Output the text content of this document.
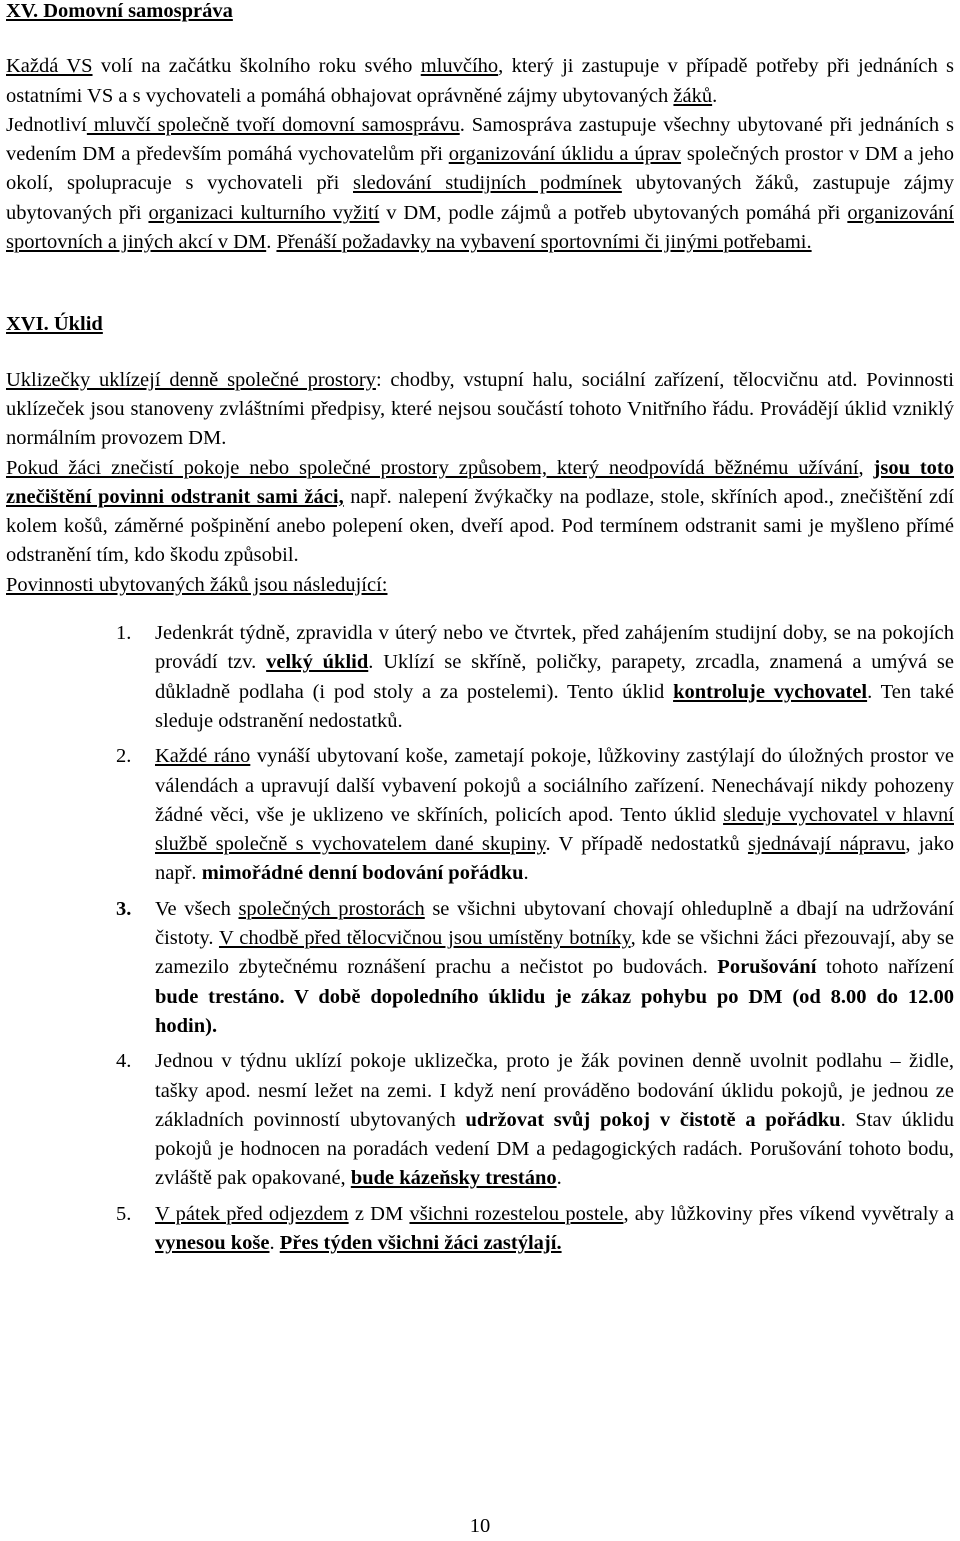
XV. Domovní samospráva

Každá VS volí na začátku školního roku svého mluvčího, který ji zastupuje v případě potřeby při jednáních s ostatními VS a s vychovateli a pomáhá obhajovat oprávněné zájmy ubytovaných žáků.

Jednotliví mluvčí společně tvoří domovní samosprávu. Samospráva zastupuje všechny ubytované při jednáních s vedením DM a především pomáhá vychovatelům při organizování úklidu a úprav společných prostor v DM a jeho okolí, spolupracuje s vychovateli při sledování studijních podmínek ubytovaných žáků, zastupuje zájmy ubytovaných při organizaci kulturního vyžití v DM, podle zájmů a potřeb ubytovaných pomáhá při organizování sportovních a jiných akcí v DM. Přenáší požadavky na vybavení sportovními či jinými potřebami.

XVI. Úklid

Uklizečky uklízejí denně společné prostory: chodby, vstupní halu, sociální zařízení, tělocvičnu atd. Povinnosti uklízeček jsou stanoveny zvláštními předpisy, které nejsou součástí tohoto Vnitřního řádu. Provádějí úklid vzniklý normálním provozem DM.

Pokud žáci znečistí pokoje nebo společné prostory způsobem, který neodpovídá běžnému užívání, jsou toto znečištění povinni odstranit sami žáci, např. nalepení žvýkačky na podlaze, stole, skříních apod., znečištění zdí kolem košů, záměrné pošpinění anebo polepení oken, dveří apod. Pod termínem odstranit sami je myšleno přímé odstranění tím, kdo škodu způsobil.

Povinnosti ubytovaných žáků jsou následující:

1. Jedenkrát týdně, zpravidla v úterý nebo ve čtvrtek, před zahájením studijní doby, se na pokojích provádí tzv. velký úklid. Uklízí se skříně, poličky, parapety, zrcadla, znamená a umývá se důkladně podlaha (i pod stoly a za postelemi). Tento úklid kontroluje vychovatel. Ten také sleduje odstranění nedostatků.
2. Každé ráno vynáší ubytovaní koše, zametají pokoje, lůžkoviny zastýlají do úložných prostor ve válendách a upravují další vybavení pokojů a sociálního zařízení. Nenechávají nikdy pohozeny žádné věci, vše je uklizeno ve skříních, policích apod. Tento úklid sleduje vychovatel v hlavní službě společně s vychovatelem dané skupiny. V případě nedostatků sjednávají nápravu, jako např. mimořádné denní bodování pořádku.
3. Ve všech společných prostorách se všichni ubytovaní chovají ohleduplně a dbají na udržování čistoty. V chodbě před tělocvičnou jsou umístěny botníky, kde se všichni žáci přezouvají, aby se zamezilo zbytečnému roznášení prachu a nečistot po budovách. Porušování tohoto nařízení bude trestáno. V době dopoledního úklidu je zákaz pohybu po DM (od 8.00 do 12.00 hodin).
4. Jednou v týdnu uklízí pokoje uklizečka, proto je žák povinen denně uvolnit podlahu – židle, tašky apod. nesmí ležet na zemi. I když není prováděno bodování úklidu pokojů, je jednou ze základních povinností ubytovaných udržovat svůj pokoj v čistotě a pořádku. Stav úklidu pokojů je hodnocen na poradách vedení DM a pedagogických radách. Porušování tohoto bodu, zvláště pak opakované, bude kázeňsky trestáno.
5. V pátek před odjezdem z DM všichni rozestelou postele, aby lůžkoviny přes víkend vyvětraly a vynesou koše. Přes týden všichni žáci zastýlají.
10
